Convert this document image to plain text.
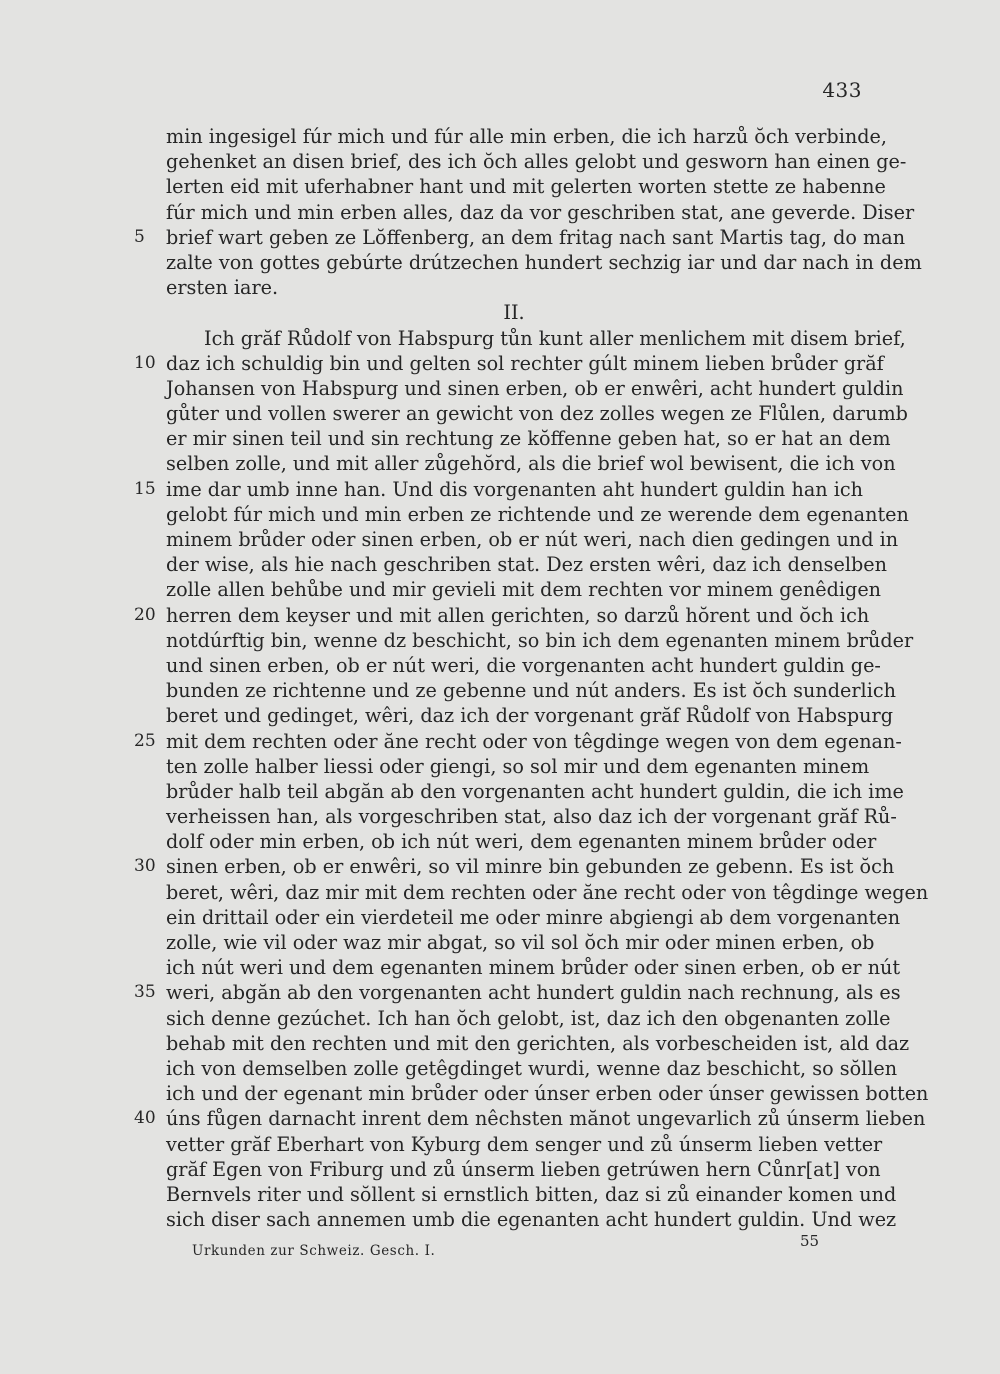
433
min ingesigel fúr mich und fúr alle min erben, die ich harzů ŏch verbinde,
gehenket an disen brief, des ich ŏch alles gelobt und gesworn han einen ge-
lerten eid mit uferhabner hant und mit gelerten worten stette ze habenne
fúr mich und min erben alles, daz da vor geschriben stat, ane geverde. Diser
5	brief wart geben ze Lŏffenberg, an dem fritag nach sant Martis tag, do man
zalte von gottes gebúrte drútzechen hundert sechzig iar und dar nach in dem
ersten iare.
II.
Ich grăf Růdolf von Habspurg tůn kunt aller menlichem mit disem brief,
10 daz ich schuldig bin und gelten sol rechter gúlt minem lieben brůder grăf
Johansen von Habspurg und sinen erben, ob er enwêri, acht hundert guldin
gůter und vollen swerer an gewicht von dez zolles wegen ze Flůlen, darumb
er mir sinen teil und sin rechtung ze kŏffenne geben hat, so er hat an dem
selben zolle, und mit aller zůgehŏrd, als die brief wol bewisent, die ich von
15 ime dar umb inne han. Und dis vorgenanten aht hundert guldin han ich
gelobt fúr mich und min erben ze richtende und ze werende dem egenanten
minem brůder oder sinen erben, ob er nút weri, nach dien gedingen und in
der wise, als hie nach geschriben stat. Dez ersten wêri, daz ich denselben
zolle allen behůbe und mir gevieli mit dem rechten vor minem genêdigen
20 herren dem keyser und mit allen gerichten, so darzů hŏrent und ŏch ich
notdúrftig bin, wenne dz beschicht, so bin ich dem egenanten minem brůder
und sinen erben, ob er nút weri, die vorgenanten acht hundert guldin ge-
bunden ze richtenne und ze gebenne und nút anders. Es ist ŏch sunderlich
beret und gedinget, wêri, daz ich der vorgenant grăf Růdolf von Habspurg
25 mit dem rechten oder ăne recht oder von têgdinge wegen von dem egenan-
ten zolle halber liessi oder giengi, so sol mir und dem egenanten minem
brůder halb teil abgăn ab den vorgenanten acht hundert guldin, die ich ime
verheissen han, als vorgeschriben stat, also daz ich der vorgenant grăf Rů-
dolf oder min erben, ob ich nút weri, dem egenanten minem brůder oder
30 sinen erben, ob er enwêri, so vil minre bin gebunden ze gebenn. Es ist ŏch
beret, wêri, daz mir mit dem rechten oder ăne recht oder von têgdinge wegen
ein drittail oder ein vierdeteil me oder minre abgiengi ab dem vorgenanten
zolle, wie vil oder waz mir abgat, so vil sol ŏch mir oder minen erben, ob
ich nút weri und dem egenanten minem brůder oder sinen erben, ob er nút
35 weri, abgăn ab den vorgenanten acht hundert guldin nach rechnung, als es
sich denne gezúchet. Ich han ŏch gelobt, ist, daz ich den obgenanten zolle
behab mit den rechten und mit den gerichten, als vorbescheiden ist, ald daz
ich von demselben zolle getêgdinget wurdi, wenne daz beschicht, so sŏllen
ich und der egenant min brůder oder únser erben oder únser gewissen botten
40 úns fůgen darnacht inrent dem nêchsten mănot ungevarlich zů únserm lieben
vetter grăf Eberhart von Kyburg dem senger und zů únserm lieben vetter
grăf Egen von Friburg und zů únserm lieben getrúwen hern Cůnr[at] von
Bernvels riter und sŏllent si ernstlich bitten, daz si zů einander komen und
sich diser sach annemen umb die egenanten acht hundert guldin. Und wez
Urkunden zur Schweiz. Gesch. I.
55
